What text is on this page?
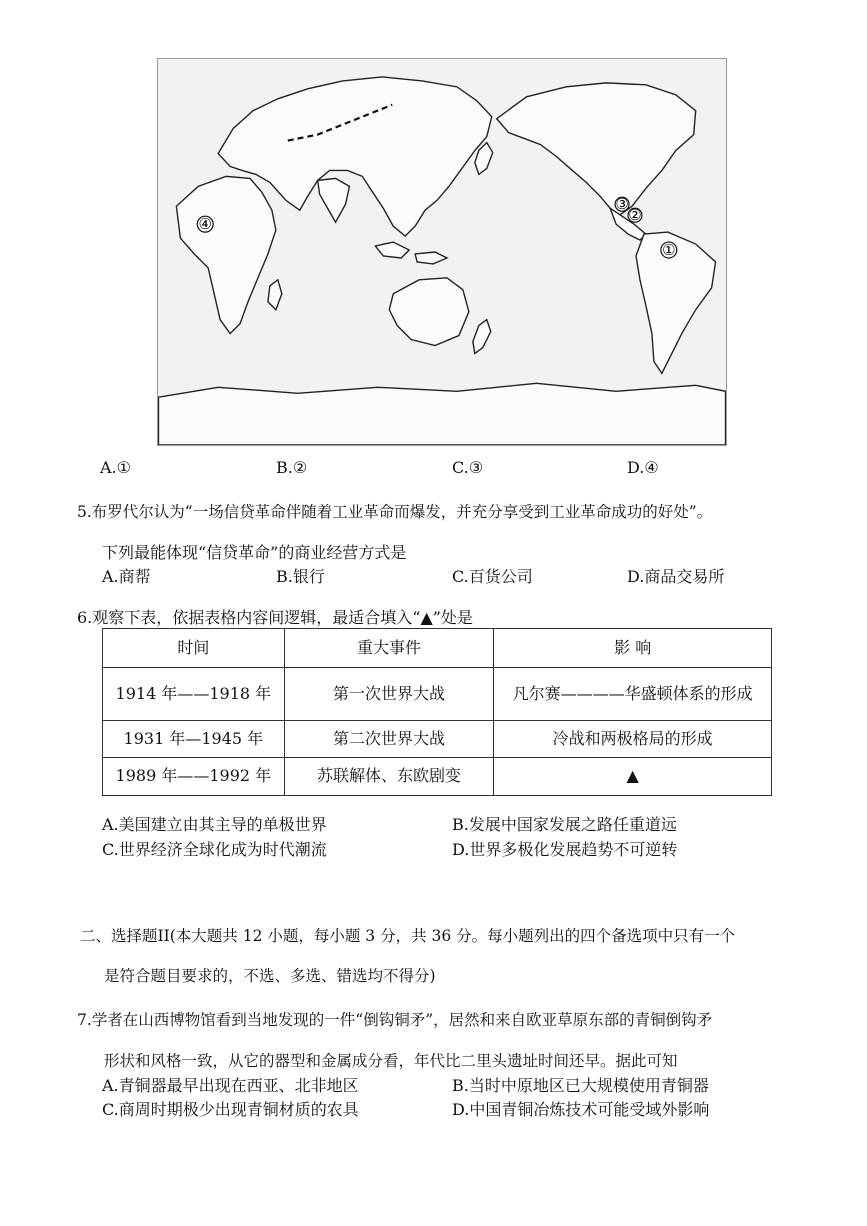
①
②
③
④
A.①	B.②	C.③	D.④
5.布罗代尔认为“一场信贷革命伴随着工业革命而爆发，并充分享受到工业革命成功的好处”。
下列最能体现“信贷革命”的商业经营方式是
A.商帮	B.银行	C.百货公司	D.商品交易所
6.观察下表，依据表格内容间逻辑，最适合填入“▲”处是
时间	重大事件	影 响
1914 年——1918 年	第一次世界大战	凡尔赛————华盛顿体系的形成
1931 年—1945 年	第二次世界大战	冷战和两极格局的形成
1989 年——1992 年	苏联解体、东欧剧变	▲
A.美国建立由其主导的单极世界	B.发展中国家发展之路任重道远
C.世界经济全球化成为时代潮流	D.世界多极化发展趋势不可逆转
二、选择题II(本大题共 12 小题，每小题 3 分，共 36 分。每小题列出的四个备选项中只有一个
是符合题目要求的，不选、多选、错选均不得分)
7.学者在山西博物馆看到当地发现的一件“倒钩铜矛”，居然和来自欧亚草原东部的青铜倒钩矛
形状和风格一致，从它的器型和金属成分看，年代比二里头遗址时间还早。据此可知
A.青铜器最早出现在西亚、北非地区	B.当时中原地区已大规模使用青铜器
C.商周时期极少出现青铜材质的农具	D.中国青铜冶炼技术可能受域外影响
